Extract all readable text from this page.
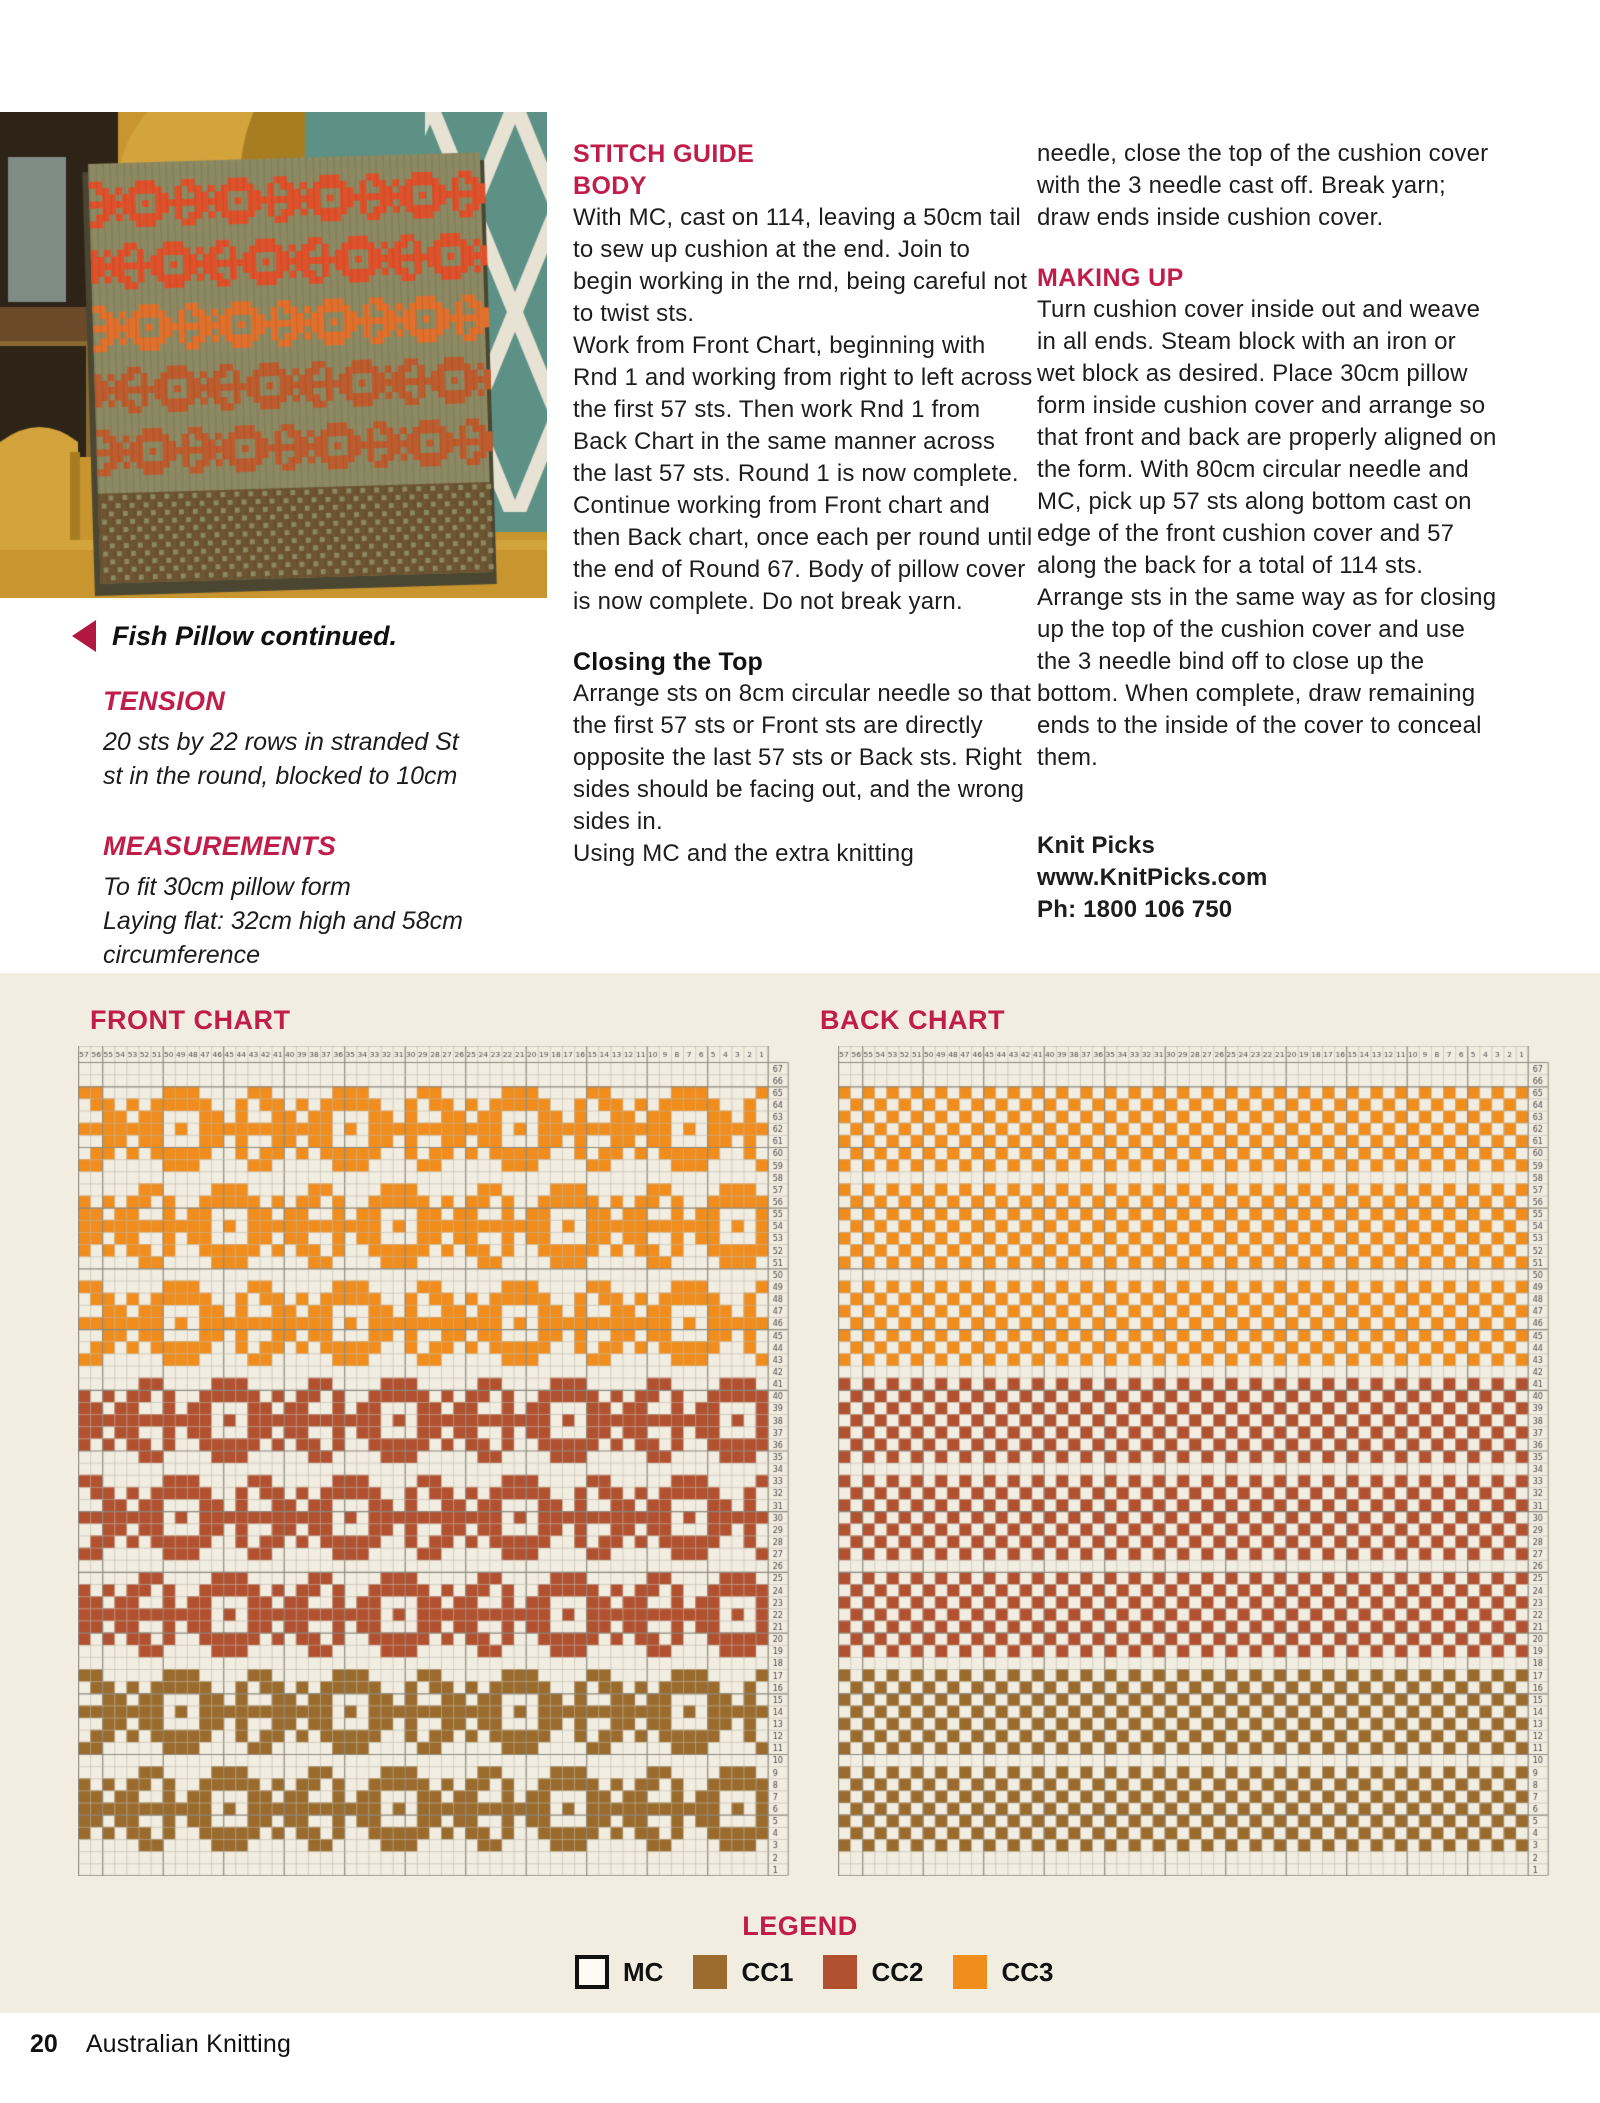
Fish Pillow continued.
TENSION
20 sts by 22 rows in stranded St st in the round, blocked to 10cm
MEASUREMENTS
To fit 30cm pillow form
Laying flat: 32cm high and 58cm circumference
STITCH GUIDE
BODY

With MC, cast on 114, leaving a 50cm tail to sew up cushion at the end. Join to begin working in the rnd, being careful not to twist sts.

Work from Front Chart, beginning with Rnd 1 and working from right to left across the first 57 sts. Then work Rnd 1 from Back Chart in the same manner across the last 57 sts. Round 1 is now complete.

Continue working from Front chart and then Back chart, once each per round until the end of Round 67. Body of pillow cover is now complete. Do not break yarn.

Closing the Top

Arrange sts on 8cm circular needle so that the first 57 sts or Front sts are directly opposite the last 57 sts or Back sts. Right sides should be facing out, and the wrong sides in.

Using MC and the extra knitting

needle, close the top of the cushion cover with the 3 needle cast off. Break yarn; draw ends inside cushion cover.

MAKING UP

Turn cushion cover inside out and weave in all ends. Steam block with an iron or wet block as desired. Place 30cm pillow form inside cushion cover and arrange so that front and back are properly aligned on the form. With 80cm circular needle and MC, pick up 57 sts along bottom cast on edge of the front cushion cover and 57 along the back for a total of 114 sts. Arrange sts in the same way as for closing up the top of the cushion cover and use the 3 needle bind off to close up the bottom. When complete, draw remaining ends to the inside of the cover to conceal them.

Knit Picks
www.KnitPicks.com
Ph: 1800 106 750
FRONT CHART	BACK CHART
LEGEND
MC	CC1	CC2	CC3
20 Australian Knitting
